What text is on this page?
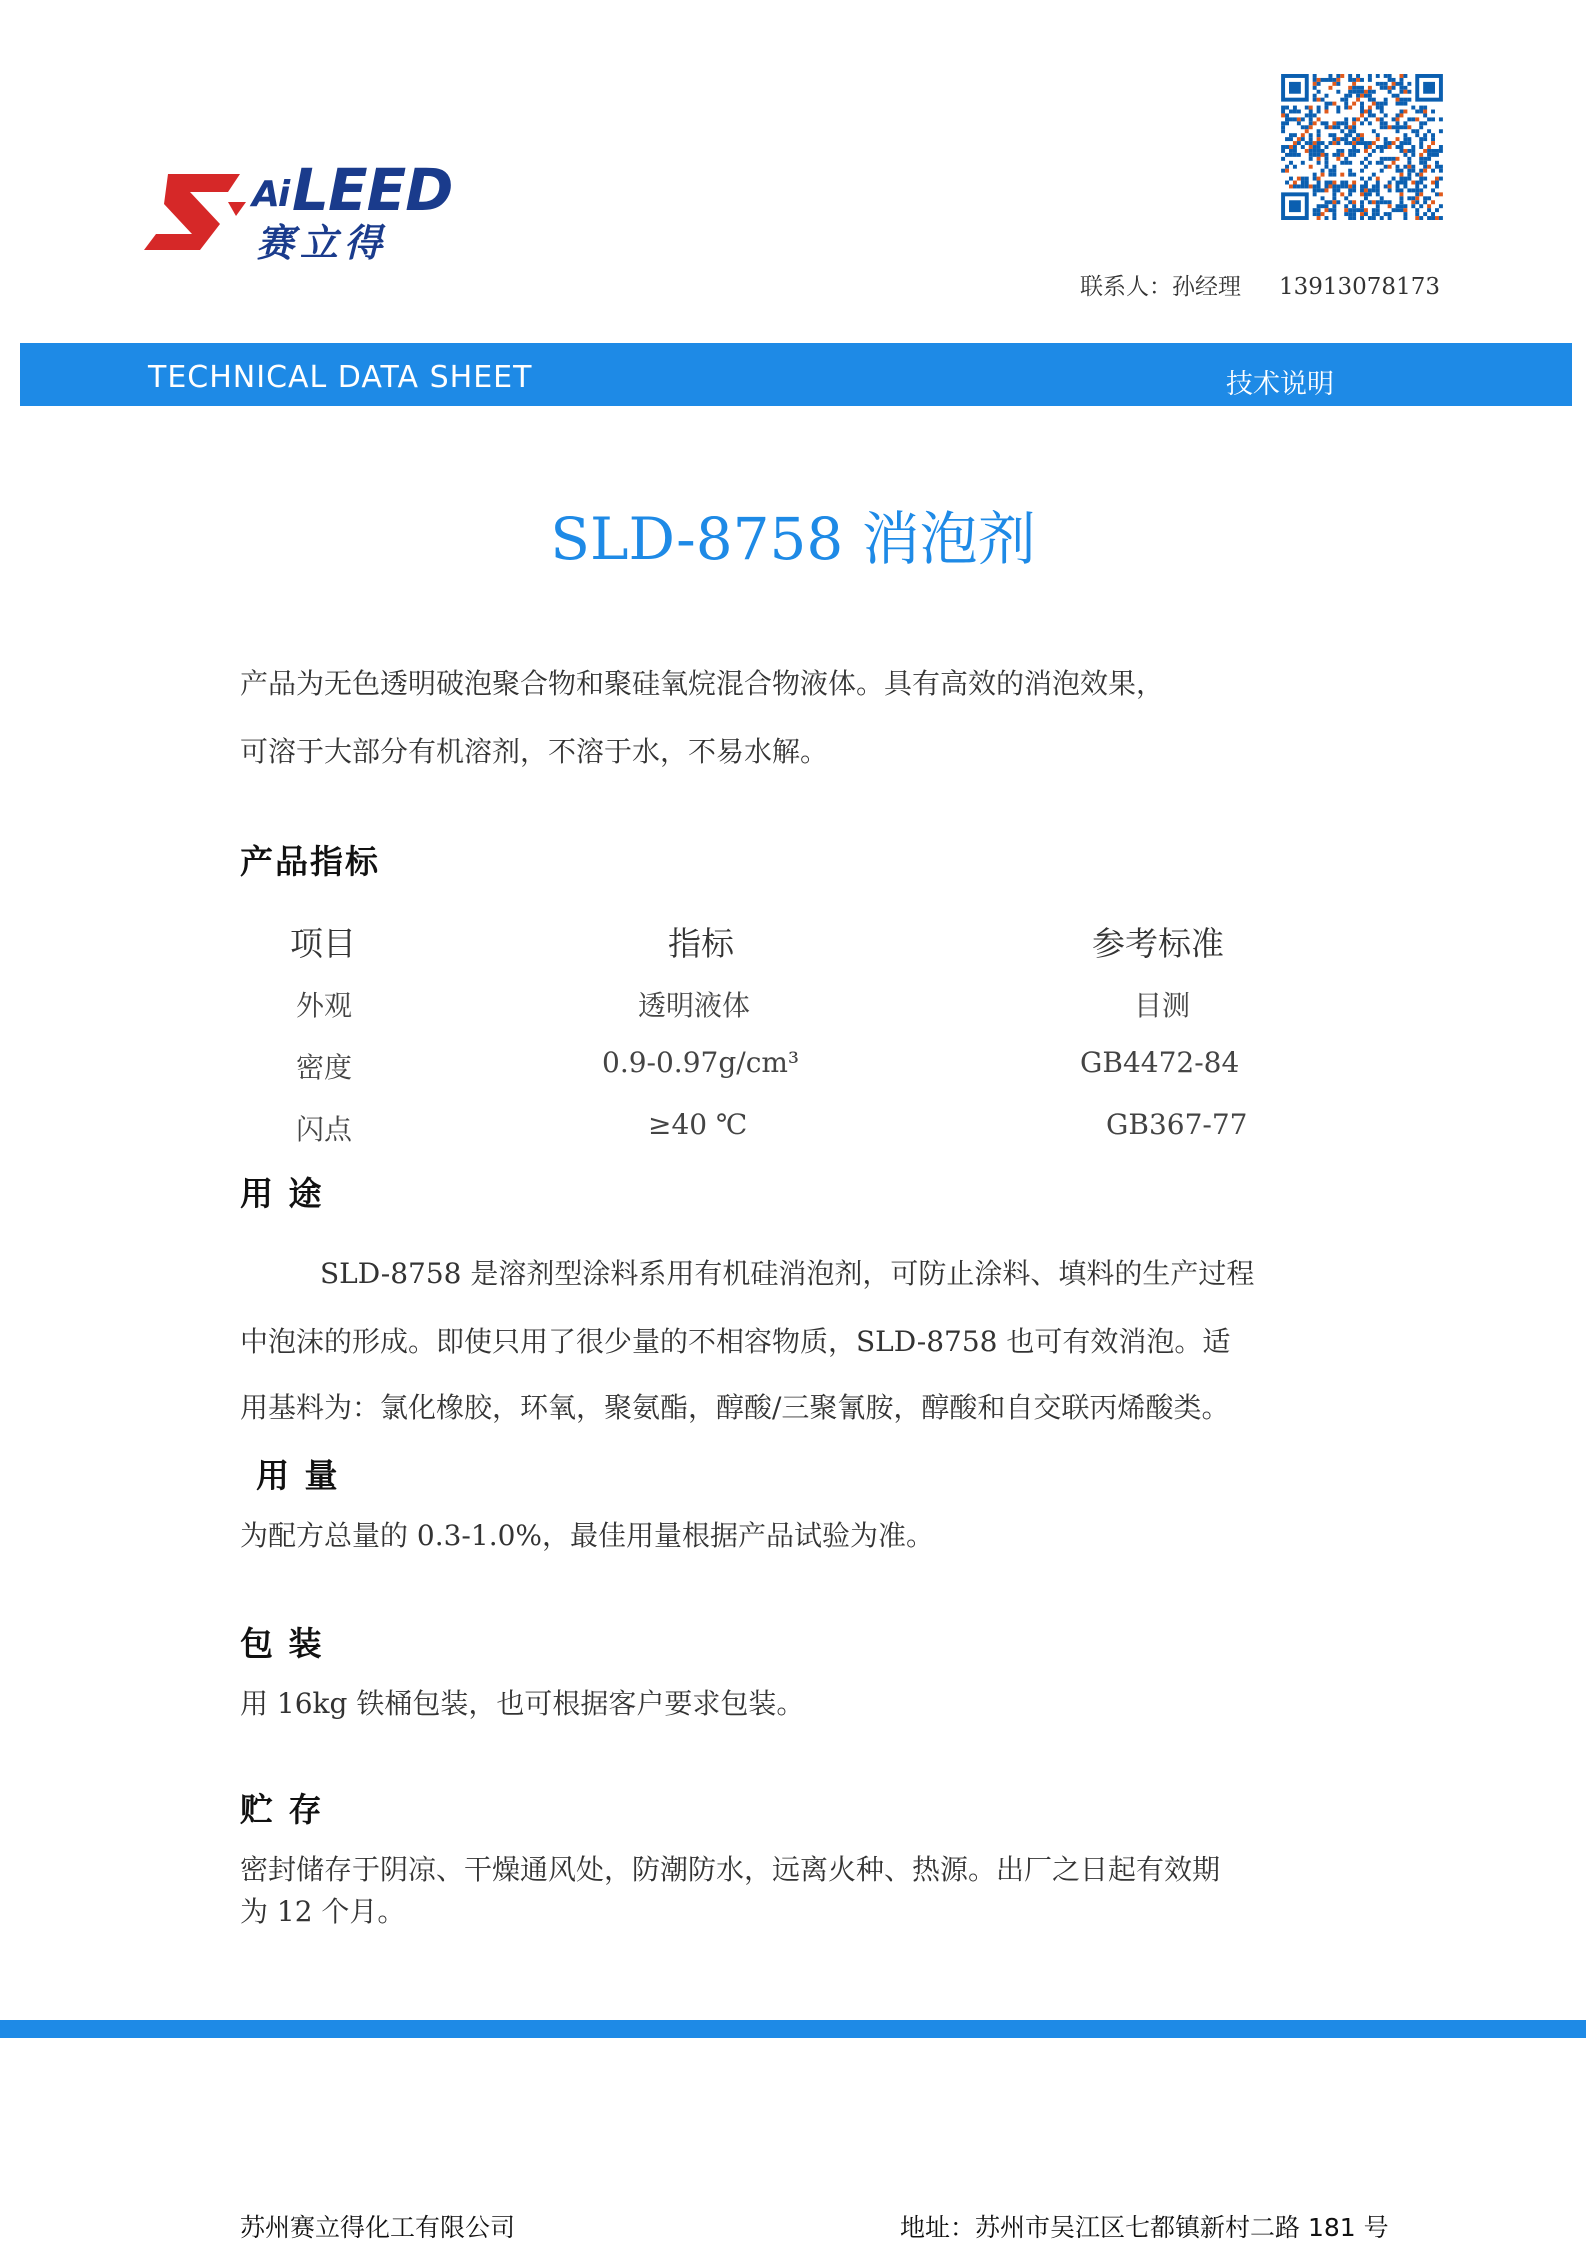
Ai LEED
赛立得
联系人：孙经理 13913078173
TECHNICAL DATA SHEET	技术说明
SLD-8758 消泡剂
产品为无色透明破泡聚合物和聚硅氧烷混合物液体。具有高效的消泡效果，
可溶于大部分有机溶剂，不溶于水，不易水解。
产品指标
项目	指标	参考标准
外观	透明液体	目测
密度	0.9-0.97g/cm³	GB4472-84
闪点	≥40 ℃	GB367-77
用 途
SLD-8758 是溶剂型涂料系用有机硅消泡剂，可防止涂料、填料的生产过程
中泡沫的形成。即使只用了很少量的不相容物质，SLD-8758 也可有效消泡。适
用基料为：氯化橡胶，环氧，聚氨酯，醇酸/三聚氰胺，醇酸和自交联丙烯酸类。
用 量
为配方总量的 0.3-1.0%，最佳用量根据产品试验为准。
包 装
用 16kg 铁桶包装，也可根据客户要求包装。
贮 存
密封储存于阴凉、干燥通风处，防潮防水，远离火种、热源。出厂之日起有效期
为 12 个月。
苏州赛立得化工有限公司	地址：苏州市吴江区七都镇新村二路 181 号
